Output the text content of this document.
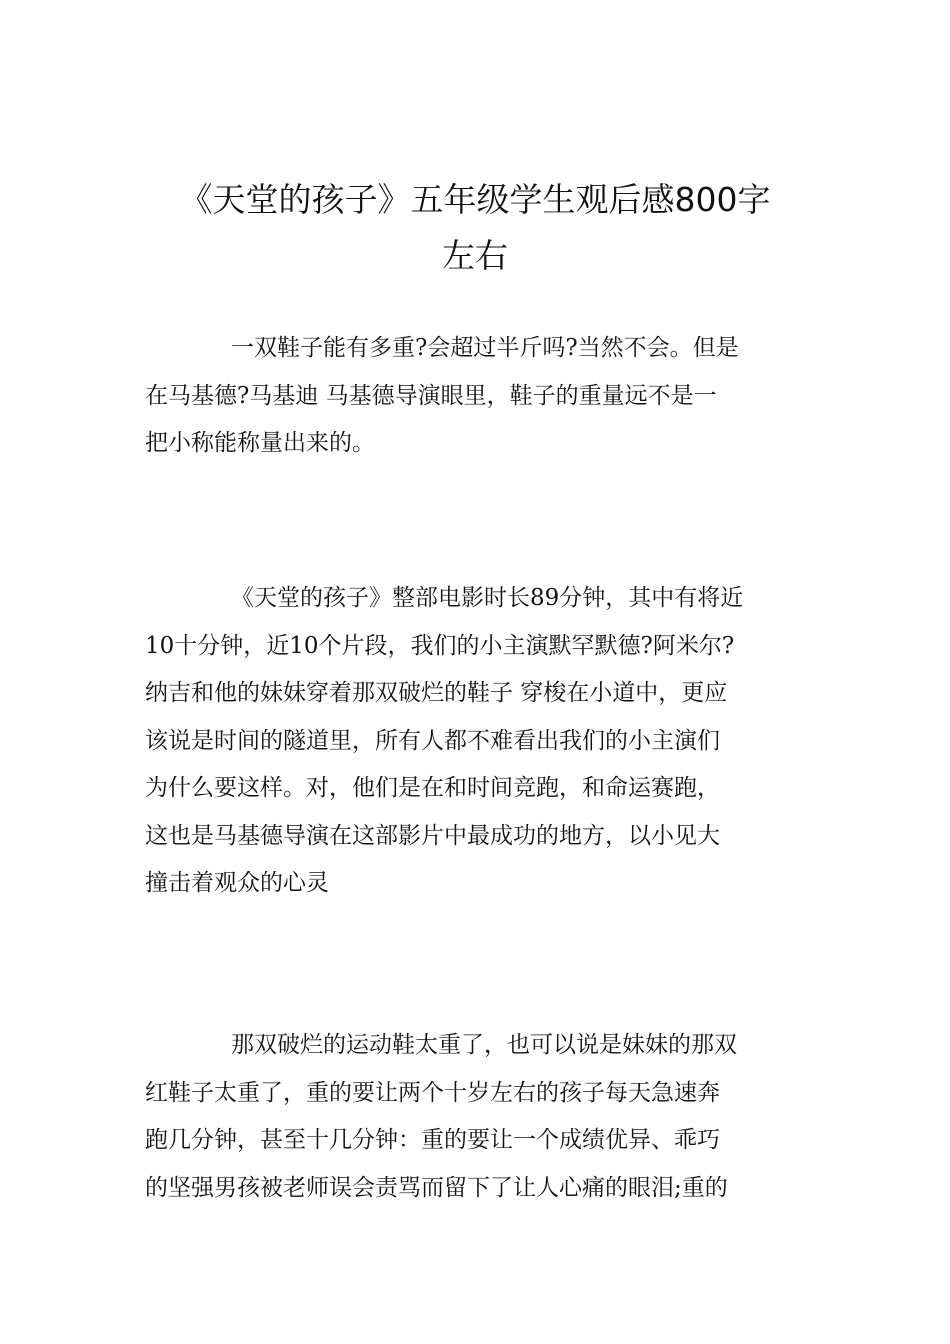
《天堂的孩子》五年级学生观后感800字
左右
一双鞋子能有多重?会超过半斤吗?当然不会。但是
在马基德?马基迪 马基德导演眼里，鞋子的重量远不是一
把小称能称量出来的。
《天堂的孩子》整部电影时长89分钟，其中有将近
10十分钟，近10个片段，我们的小主演默罕默德?阿米尔?
纳吉和他的妹妹穿着那双破烂的鞋子 穿梭在小道中，更应
该说是时间的隧道里，所有人都不难看出我们的小主演们
为什么要这样。对，他们是在和时间竞跑，和命运赛跑，
这也是马基德导演在这部影片中最成功的地方，以小见大
撞击着观众的心灵
那双破烂的运动鞋太重了，也可以说是妹妹的那双
红鞋子太重了，重的要让两个十岁左右的孩子每天急速奔
跑几分钟，甚至十几分钟：重的要让一个成绩优异、乖巧
的坚强男孩被老师误会责骂而留下了让人心痛的眼泪;重的
